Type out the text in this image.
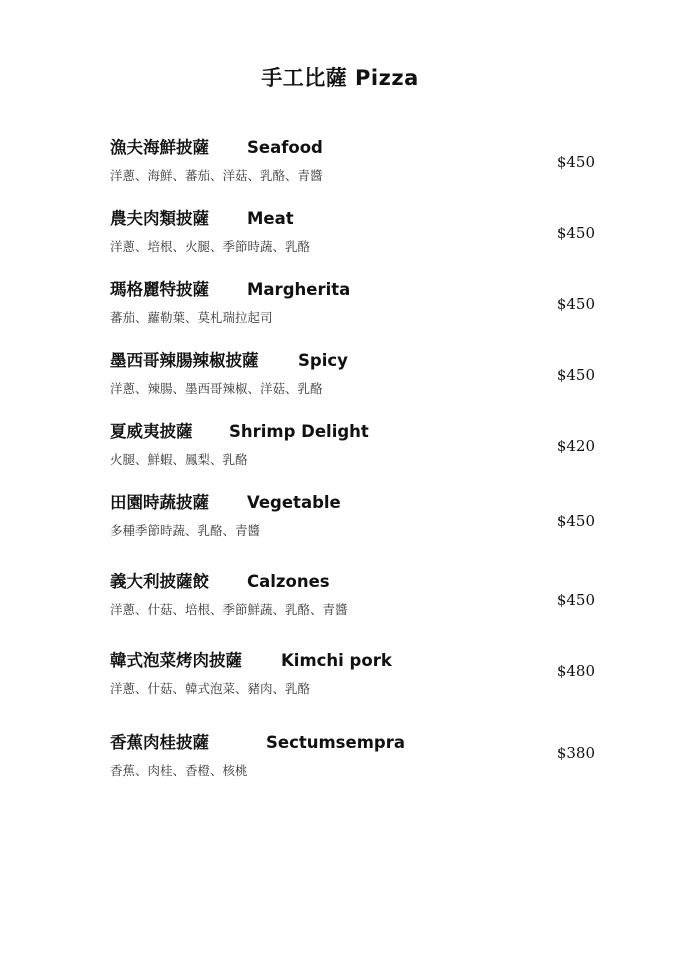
手工比薩 Pizza
漁夫海鮮披薩 Seafood
洋蔥、海鮮、蕃茄、洋菇、乳酪、青醬
$450
農夫肉類披薩 Meat
洋蔥、培根、火腿、季節時蔬、乳酪
$450
瑪格麗特披薩 Margherita
蕃茄、蘿勒葉、莫札瑞拉起司
$450
墨西哥辣腸辣椒披薩 Spicy
洋蔥、辣腸、墨西哥辣椒、洋菇、乳酪
$450
夏威夷披薩 Shrimp Delight
火腿、鮮蝦、鳳梨、乳酪
$420
田園時蔬披薩 Vegetable
多種季節時蔬、乳酪、青醬
$450
義大利披薩餃 Calzones
洋蔥、什菇、培根、季節鮮蔬、乳酪、青醬
$450
韓式泡菜烤肉披薩 Kimchi pork
洋蔥、什菇、韓式泡菜、豬肉、乳酪
$480
香蕉肉桂披薩	Sectumsempra
香蕉、肉桂、香橙、核桃
$380
